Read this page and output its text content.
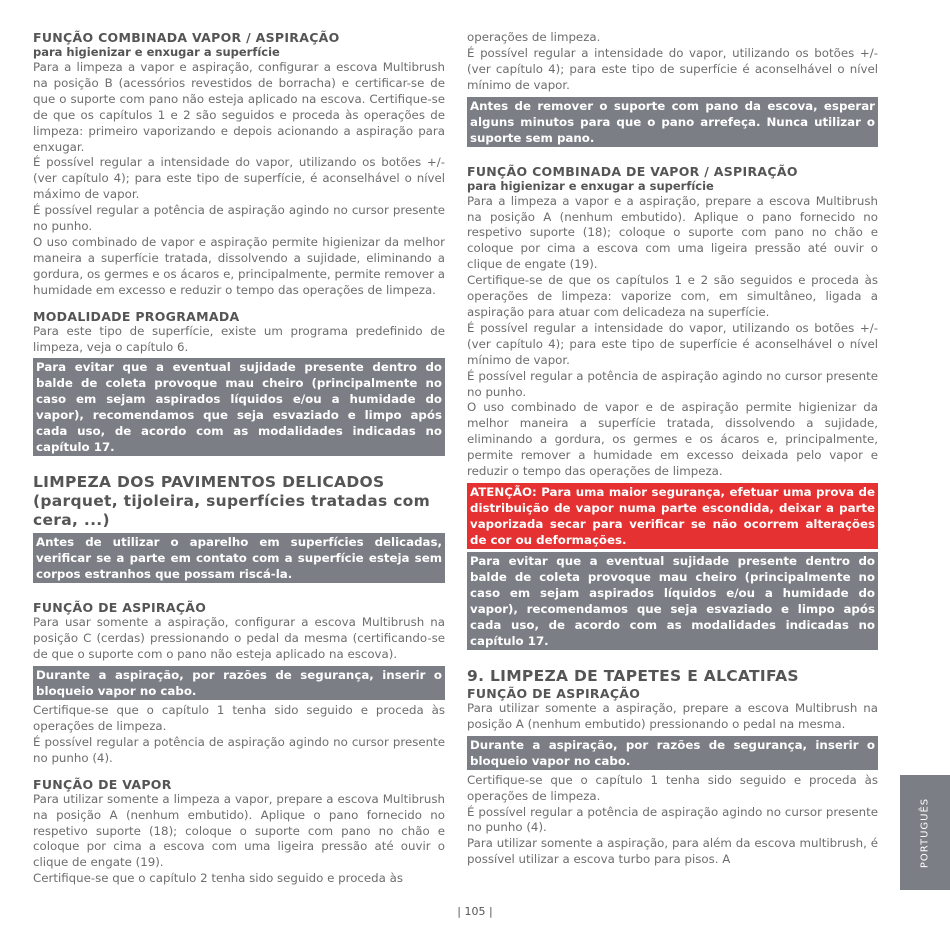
FUNÇÃO COMBINADA VAPOR / ASPIRAÇÃO
para higienizar e enxugar a superfície

Para a limpeza a vapor e aspiração, configurar a escova Multibrush na posição B (acessórios revestidos de borracha) e certificar-se de que o suporte com pano não esteja aplicado na escova. Certifique-se de que os capítulos 1 e 2 são seguidos e proceda às operações de limpeza: primeiro vaporizando e depois acionando a aspiração para enxugar.

É possível regular a intensidade do vapor, utilizando os botões +/- (ver capítulo 4); para este tipo de superfície, é aconselhável o nível máximo de vapor.

É possível regular a potência de aspiração agindo no cursor presente no punho.

O uso combinado de vapor e aspiração permite higienizar da melhor maneira a superfície tratada, dissolvendo a sujidade, eliminando a gordura, os germes e os ácaros e, principalmente, permite remover a humidade em excesso e reduzir o tempo das operações de limpeza.

MODALIDADE PROGRAMADA

Para este tipo de superfície, existe um programa predefinido de limpeza, veja o capítulo 6.

Para evitar que a eventual sujidade presente dentro do balde de coleta provoque mau cheiro (principalmente no caso em sejam aspirados líquidos e/ou a humidade do vapor), recomendamos que seja esvaziado e limpo após cada uso, de acordo com as modalidades indicadas no capítulo 17.
LIMPEZA DOS PAVIMENTOS DELICADOS
(parquet, tijoleira, superfícies tratadas com cera, ...)
Antes de utilizar o aparelho em superfícies delicadas, verificar se a parte em contato com a superfície esteja sem corpos estranhos que possam riscá-la.
FUNÇÃO DE ASPIRAÇÃO

Para usar somente a aspiração, configurar a escova Multibrush na posição C (cerdas) pressionando o pedal da mesma (certificando-se de que o suporte com o pano não esteja aplicado na escova).

Durante a aspiração, por razões de segurança, inserir o bloqueio vapor no cabo.

Certifique-se que o capítulo 1 tenha sido seguido e proceda às operações de limpeza.

É possível regular a potência de aspiração agindo no cursor presente no punho (4).

FUNÇÃO DE VAPOR

Para utilizar somente a limpeza a vapor, prepare a escova Multibrush na posição A (nenhum embutido). Aplique o pano fornecido no respetivo suporte (18); coloque o suporte com pano no chão e coloque por cima a escova com uma ligeira pressão até ouvir o clique de engate (19).

Certifique-se que o capítulo 2 tenha sido seguido e proceda às

operações de limpeza.

É possível regular a intensidade do vapor, utilizando os botões +/- (ver capítulo 4); para este tipo de superfície é aconselhável o nível mínimo de vapor.

Antes de remover o suporte com pano da escova, esperar alguns minutos para que o pano arrefeça. Nunca utilizar o suporte sem pano.
FUNÇÃO COMBINADA DE VAPOR / ASPIRAÇÃO
para higienizar e enxugar a superfície

Para a limpeza a vapor e a aspiração, prepare a escova Multibrush na posição A (nenhum embutido). Aplique o pano fornecido no respetivo suporte (18); coloque o suporte com pano no chão e coloque por cima a escova com uma ligeira pressão até ouvir o clique de engate (19).

Certifique-se de que os capítulos 1 e 2 são seguidos e proceda às operações de limpeza: vaporize com, em simultâneo, ligada a aspiração para atuar com delicadeza na superfície.

É possível regular a intensidade do vapor, utilizando os botões +/- (ver capítulo 4); para este tipo de superfície é aconselhável o nível mínimo de vapor.

É possível regular a potência de aspiração agindo no cursor presente no punho.

O uso combinado de vapor e de aspiração permite higienizar da melhor maneira a superfície tratada, dissolvendo a sujidade, eliminando a gordura, os germes e os ácaros e, principalmente, permite remover a humidade em excesso deixada pelo vapor e reduzir o tempo das operações de limpeza.

ATENÇÃO: Para uma maior segurança, efetuar uma prova de distribuição de vapor numa parte escondida, deixar a parte vaporizada secar para verificar se não ocorrem alterações de cor ou deformações.
Para evitar que a eventual sujidade presente dentro do balde de coleta provoque mau cheiro (principalmente no caso em sejam aspirados líquidos e/ou a humidade do vapor), recomendamos que seja esvaziado e limpo após cada uso, de acordo com as modalidades indicadas no capítulo 17.
9. LIMPEZA DE TAPETES E ALCATIFAS
FUNÇÃO DE ASPIRAÇÃO

Para utilizar somente a aspiração, prepare a escova Multibrush na posição A (nenhum embutido) pressionando o pedal na mesma.

Durante a aspiração, por razões de segurança, inserir o bloqueio vapor no cabo.

Certifique-se que o capítulo 1 tenha sido seguido e proceda às operações de limpeza.

É possível regular a potência de aspiração agindo no cursor presente no punho (4).

Para utilizar somente a aspiração, para além da escova multibrush, é possível utilizar a escova turbo para pisos. A	PORTUGUÊS
| 105 |
